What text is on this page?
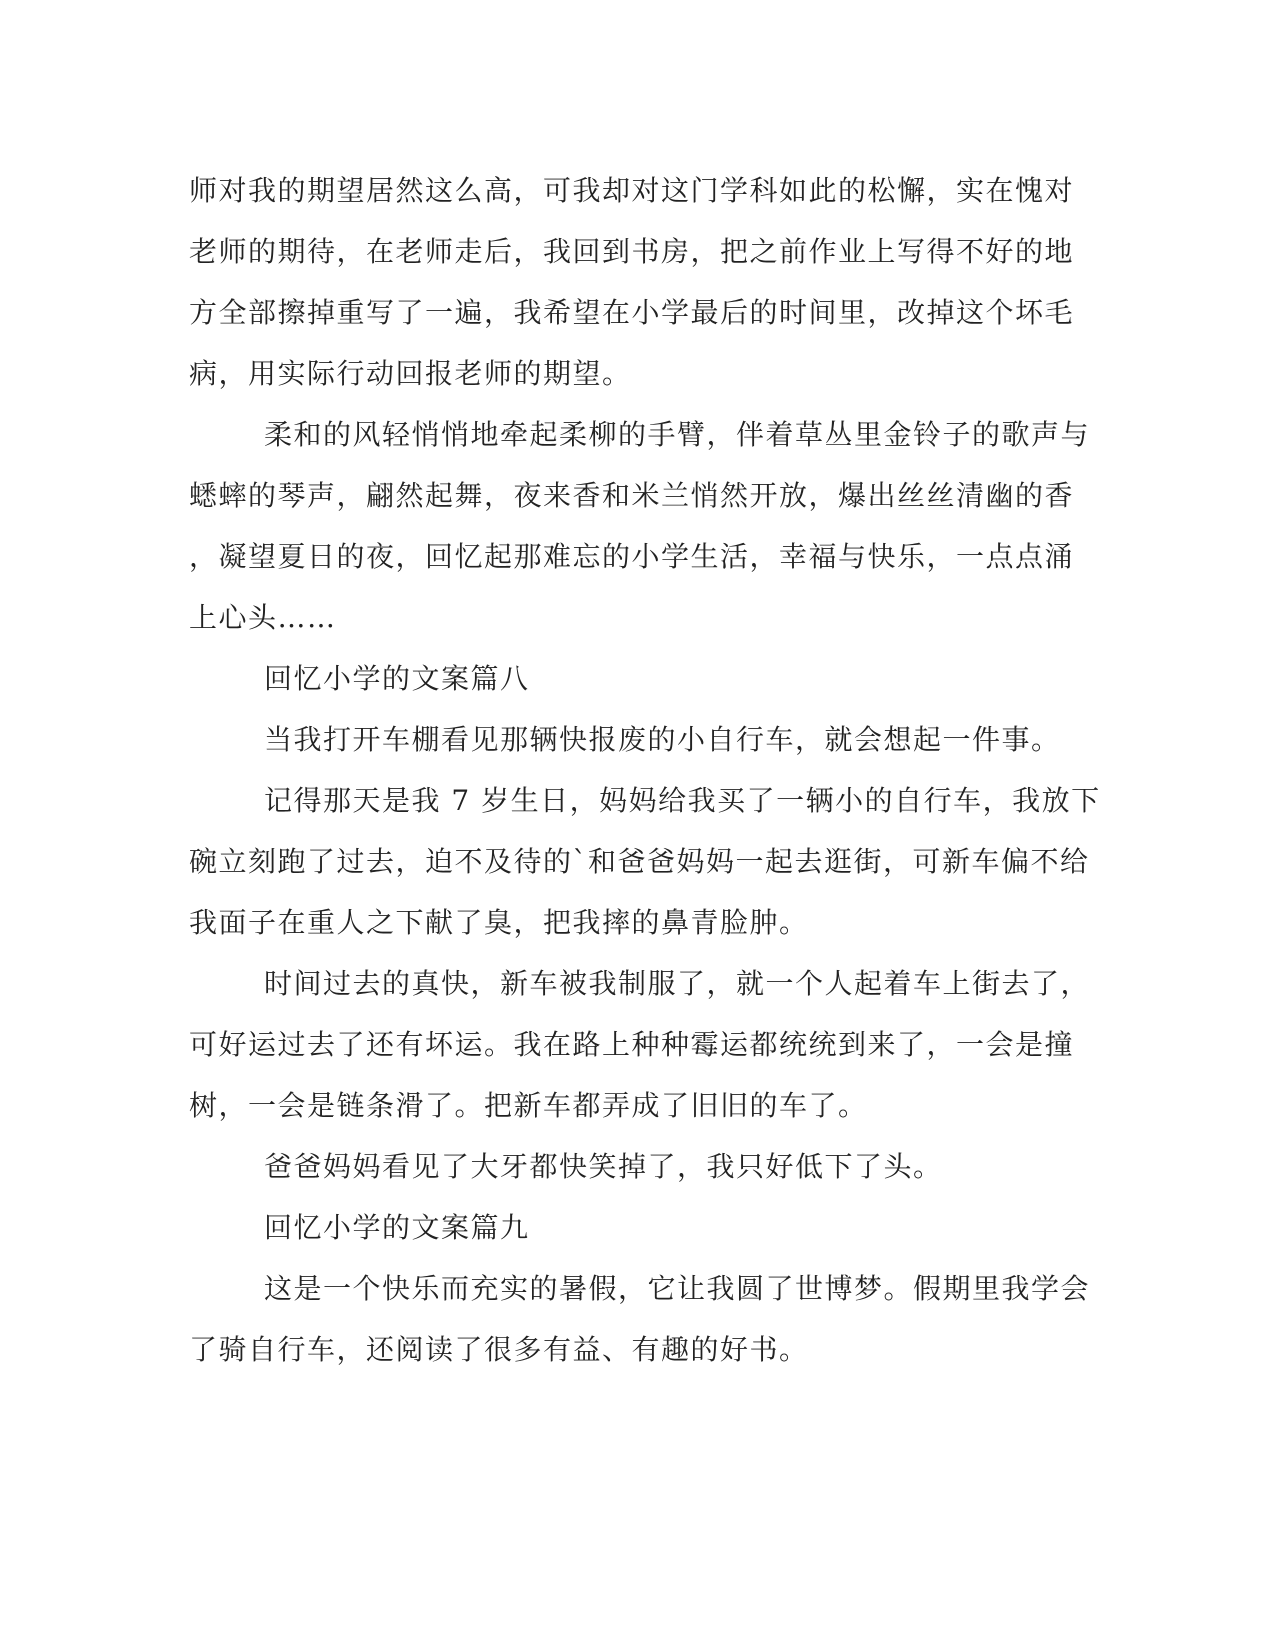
师对我的期望居然这么高，可我却对这门学科如此的松懈，实在愧对
老师的期待，在老师走后，我回到书房，把之前作业上写得不好的地
方全部擦掉重写了一遍，我希望在小学最后的时间里，改掉这个坏毛
病，用实际行动回报老师的期望。
柔和的风轻悄悄地牵起柔柳的手臂，伴着草丛里金铃子的歌声与
蟋蟀的琴声，翩然起舞，夜来香和米兰悄然开放，爆出丝丝清幽的香
，凝望夏日的夜，回忆起那难忘的小学生活，幸福与快乐，一点点涌
上心头……
回忆小学的文案篇八
当我打开车棚看见那辆快报废的小自行车，就会想起一件事。
记得那天是我 7 岁生日，妈妈给我买了一辆小的自行车，我放下
碗立刻跑了过去，迫不及待的`和爸爸妈妈一起去逛街，可新车偏不给
我面子在重人之下献了臭，把我摔的鼻青脸肿。
时间过去的真快，新车被我制服了，就一个人起着车上街去了，
可好运过去了还有坏运。我在路上种种霉运都统统到来了，一会是撞
树，一会是链条滑了。把新车都弄成了旧旧的车了。
爸爸妈妈看见了大牙都快笑掉了，我只好低下了头。
回忆小学的文案篇九
这是一个快乐而充实的暑假，它让我圆了世博梦。假期里我学会
了骑自行车，还阅读了很多有益、有趣的好书。
